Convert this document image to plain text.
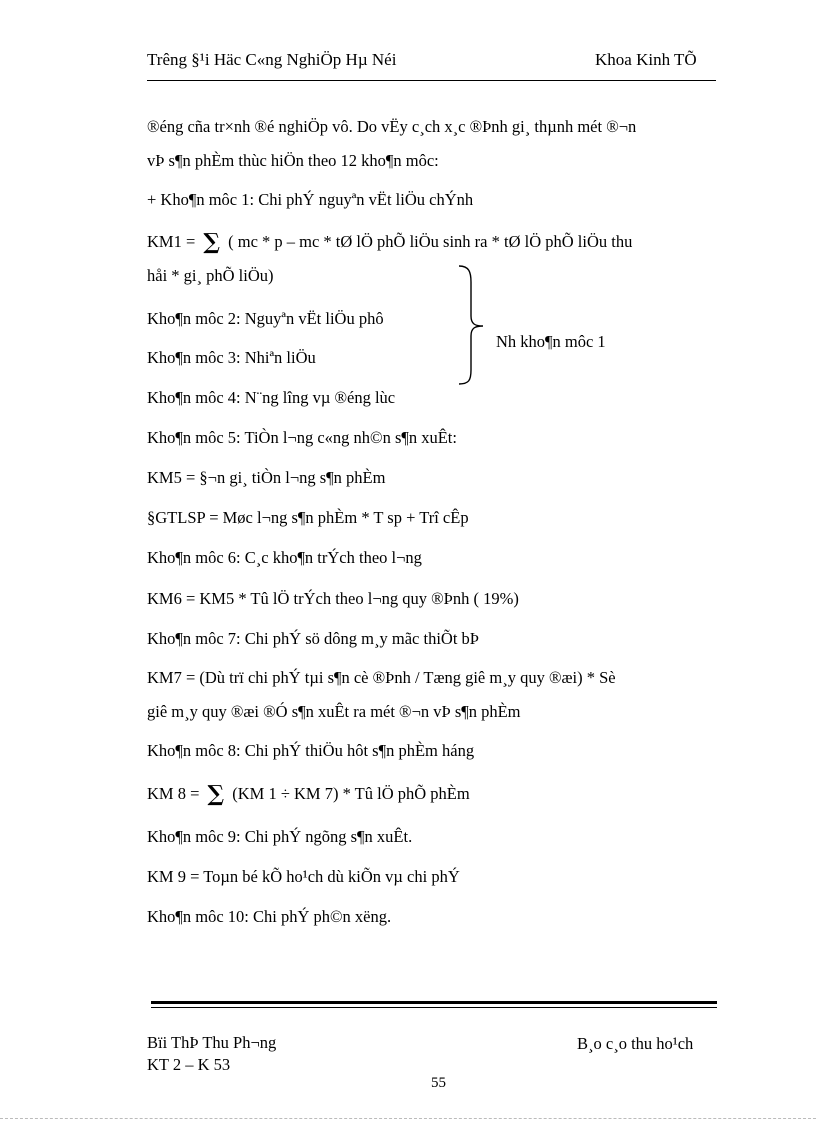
Trêng §¹i Häc C«ng NghiÖp Hµ Néi	Khoa Kinh TÕ
®éng cña tr×nh ®é nghiÖp vô. Do vËy c¸ch x¸c ®Þnh gi¸ thµnh mét ®¬n
vÞ s¶n phÈm thùc hiÖn theo 12 kho¶n môc:
+ Kho¶n môc 1: Chi phÝ nguyªn vËt liÖu chÝnh
KM1 = ∑ ( mc * p – mc * tØ lÖ phÕ liÖu sinh ra * tØ lÖ phÕ liÖu thu
håi * gi¸ phÕ liÖu)
Kho¶n môc 2: Nguyªn vËt liÖu phô
Kho¶n môc 3: Nhiªn liÖu
Nh kho¶n môc 1
Kho¶n môc 4: N¨ng lîng vµ ®éng lùc
Kho¶n môc 5: TiÒn l¬ng c«ng nh©n s¶n xuÊt:
KM5 = §¬n gi¸ tiÒn l¬ng s¶n phÈm
§GTLSP = Møc l¬ng s¶n phÈm * T sp + Trî cÊp
Kho¶n môc 6: C¸c kho¶n trÝch theo l¬ng
KM6 = KM5 * Tû lÖ trÝch theo l¬ng quy ®Þnh ( 19%)
Kho¶n môc 7: Chi phÝ sö dông m¸y mãc thiÕt bÞ
KM7 = (Dù trï chi phÝ tµi s¶n cè ®Þnh / Tæng giê m¸y quy ®æi) * Sè
giê m¸y quy ®æi ®Ó s¶n xuÊt ra mét ®¬n vÞ s¶n phÈm
Kho¶n môc 8: Chi phÝ thiÖu hôt s¶n phÈm háng
KM 8 = ∑ (KM 1 ÷ KM 7) * Tû lÖ phÕ phÈm
Kho¶n môc 9: Chi phÝ ngõng s¶n xuÊt.
KM 9 = Toµn bé kÕ ho¹ch dù kiÕn vµ chi phÝ
Kho¶n môc 10: Chi phÝ ph©n xëng.
Bïi ThÞ Thu Ph¬ng
KT 2 – K 53
B¸o c¸o thu ho¹ch
55
